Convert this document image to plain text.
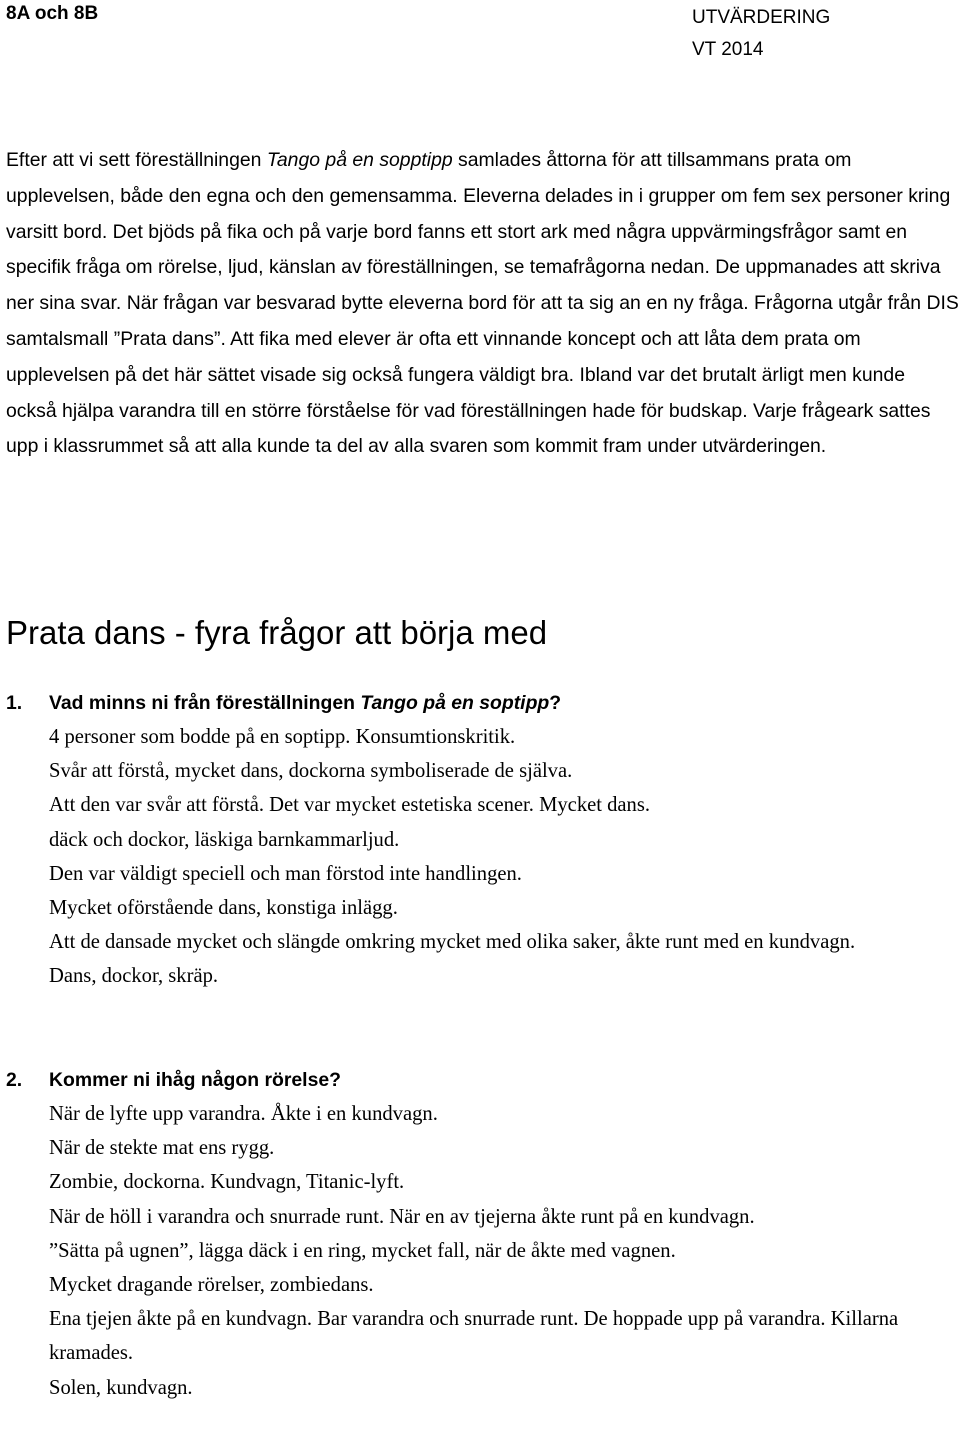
8A och 8B	UTVÄRDERING
VT 2014

Efter att vi sett föreställningen Tango på en sopptipp samlades åttorna för att tillsammans prata om upplevelsen, både den egna och den gemensamma. Eleverna delades in i grupper om fem sex personer kring varsitt bord. Det bjöds på fika och på varje bord fanns ett stort ark med några uppvärmingsfrågor samt en specifik fråga om rörelse, ljud, känslan av föreställningen, se temafrågorna nedan. De uppmanades att skriva ner sina svar. När frågan var besvarad bytte eleverna bord för att ta sig an en ny fråga. Frågorna utgår från DIS samtalsmall ”Prata dans”. Att fika med elever är ofta ett vinnande koncept och att låta dem prata om upplevelsen på det här sättet visade sig också fungera väldigt bra. Ibland var det brutalt ärligt men kunde också hjälpa varandra till en större förståelse för vad föreställningen hade för budskap. Varje frågeark sattes upp i klassrummet så att alla kunde ta del av alla svaren som kommit fram under utvärderingen.

Prata dans - fyra frågor att börja med
1. Vad minns ni från föreställningen Tango på en soptipp?
4 personer som bodde på en soptipp. Konsumtionskritik.
Svår att förstå, mycket dans, dockorna symboliserade de själva.
Att den var svår att förstå. Det var mycket estetiska scener. Mycket dans.
däck och dockor, läskiga barnkammarljud.
Den var väldigt speciell och man förstod inte handlingen.
Mycket oförstående dans, konstiga inlägg.
Att de dansade mycket och slängde omkring mycket med olika saker, åkte runt med en kundvagn.
Dans, dockor, skräp.
2. Kommer ni ihåg någon rörelse?
När de lyfte upp varandra. Åkte i en kundvagn.
När de stekte mat ens rygg.
Zombie, dockorna. Kundvagn, Titanic-lyft.
När de höll i varandra och snurrade runt. När en av tjejerna åkte runt på en kundvagn.
”Sätta på ugnen”, lägga däck i en ring, mycket fall, när de åkte med vagnen.
Mycket dragande rörelser, zombiedans.
Ena tjejen åkte på en kundvagn. Bar varandra och snurrade runt. De hoppade upp på varandra. Killarna kramades.
Solen, kundvagn.
